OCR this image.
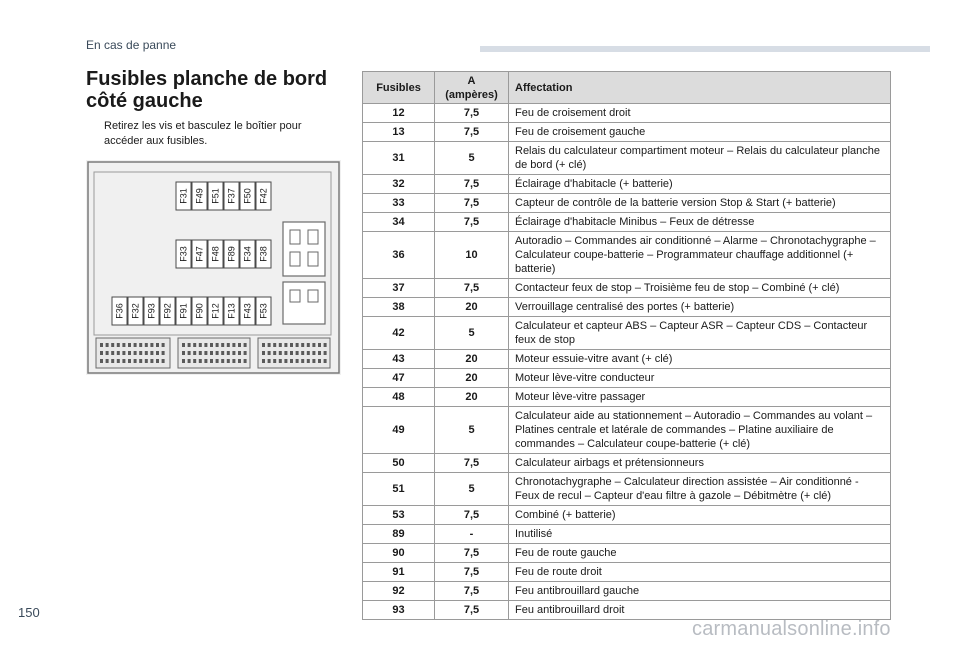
En cas de panne
Fusibles planche de bord
côté gauche
Retirez les vis et basculez le boîtier pour accéder aux fusibles.
F31 F49 F51 F37 F50 F42
F33 F47 F48 F89 F34 F38
F36 F32 F93 F92 F91 F90 F12 F13 F43 F53
Fusibles	A (ampères)	Affectation
12	7,5	Feu de croisement droit
13	7,5	Feu de croisement gauche
31	5	Relais du calculateur compartiment moteur – Relais du calculateur planche de bord (+ clé)
32	7,5	Éclairage d'habitacle (+ batterie)
33	7,5	Capteur de contrôle de la batterie version Stop & Start (+ batterie)
34	7,5	Éclairage d'habitacle Minibus – Feux de détresse
36	10	Autoradio – Commandes air conditionné – Alarme – Chronotachygraphe – Calculateur coupe-batterie – Programmateur chauffage additionnel (+ batterie)
37	7,5	Contacteur feux de stop – Troisième feu de stop – Combiné (+ clé)
38	20	Verrouillage centralisé des portes (+ batterie)
42	5	Calculateur et capteur ABS – Capteur ASR – Capteur CDS – Contacteur feux de stop
43	20	Moteur essuie-vitre avant (+ clé)
47	20	Moteur lève-vitre conducteur
48	20	Moteur lève-vitre passager
49	5	Calculateur aide au stationnement – Autoradio – Commandes au volant – Platines centrale et latérale de commandes – Platine auxiliaire de commandes – Calculateur coupe-batterie (+ clé)
50	7,5	Calculateur airbags et prétensionneurs
51	5	Chronotachygraphe – Calculateur direction assistée – Air conditionné - Feux de recul – Capteur d'eau filtre à gazole – Débitmètre (+ clé)
53	7,5	Combiné (+ batterie)
89	-	Inutilisé
90	7,5	Feu de route gauche
91	7,5	Feu de route droit
92	7,5	Feu antibrouillard gauche
93	7,5	Feu antibrouillard droit
150
carmanualsonline.info
